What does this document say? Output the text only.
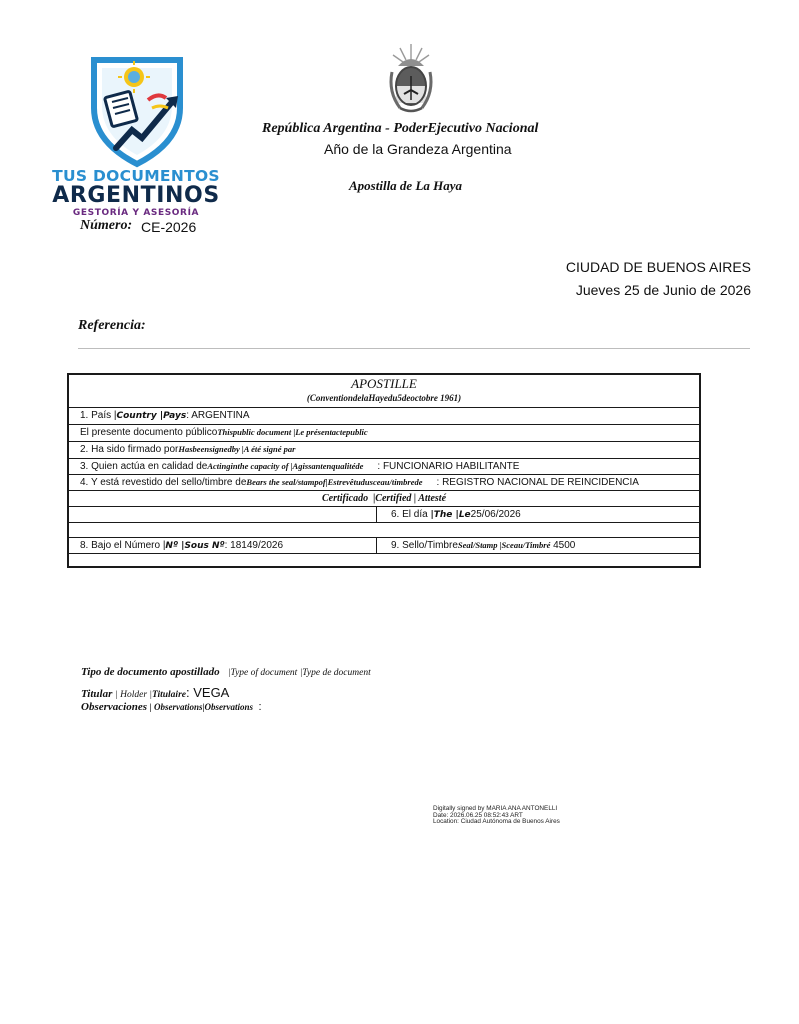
TUS DOCUMENTOS
ARGENTINOS
GESTORÍA Y ASESORÍA
Número: CE-2026
República Argentina - PoderEjecutivo Nacional
Año de la Grandeza Argentina
Apostilla de La Haya
CIUDAD DE BUENOS AIRES
Jueves 25 de Junio de 2026
Referencia:
APOSTILLE
(ConventiondelaHayedu5deoctobre 1961)
1. País |Country |Pays: ARGENTINA
El presente documento públicoThispublic document |Le présentactepublic
2. Ha sido firmado porHasbeensignedby |A été signé par
3. Quien actúa en calidad deActinginthe capacity of |Agissantenqualitéde : FUNCIONARIO HABILITANTE
4. Y está revestido del sello/timbre deBears the seal/stampof|Estrevêtudusceau/timbrede : REGISTRO NACIONAL DE REINCIDENCIA
Certificado |Certified | Attesté
6. El día |The |Le25/06/2026
8. Bajo el Número |Nº |Sous Nº: 18149/2026	9. Sello/TimbreSeal/Stamp |Sceau/Timbré 4500
Tipo de documento apostillado |Type of document |Type de document
Titular | Holder |Titulaire: VEGA
Observaciones | Observations|Observations :
Digitally signed by MARIA ANA ANTONELLI
Date: 2026.06.25 08:52:43 ART
Location: Ciudad Autónoma de Buenos Aires
